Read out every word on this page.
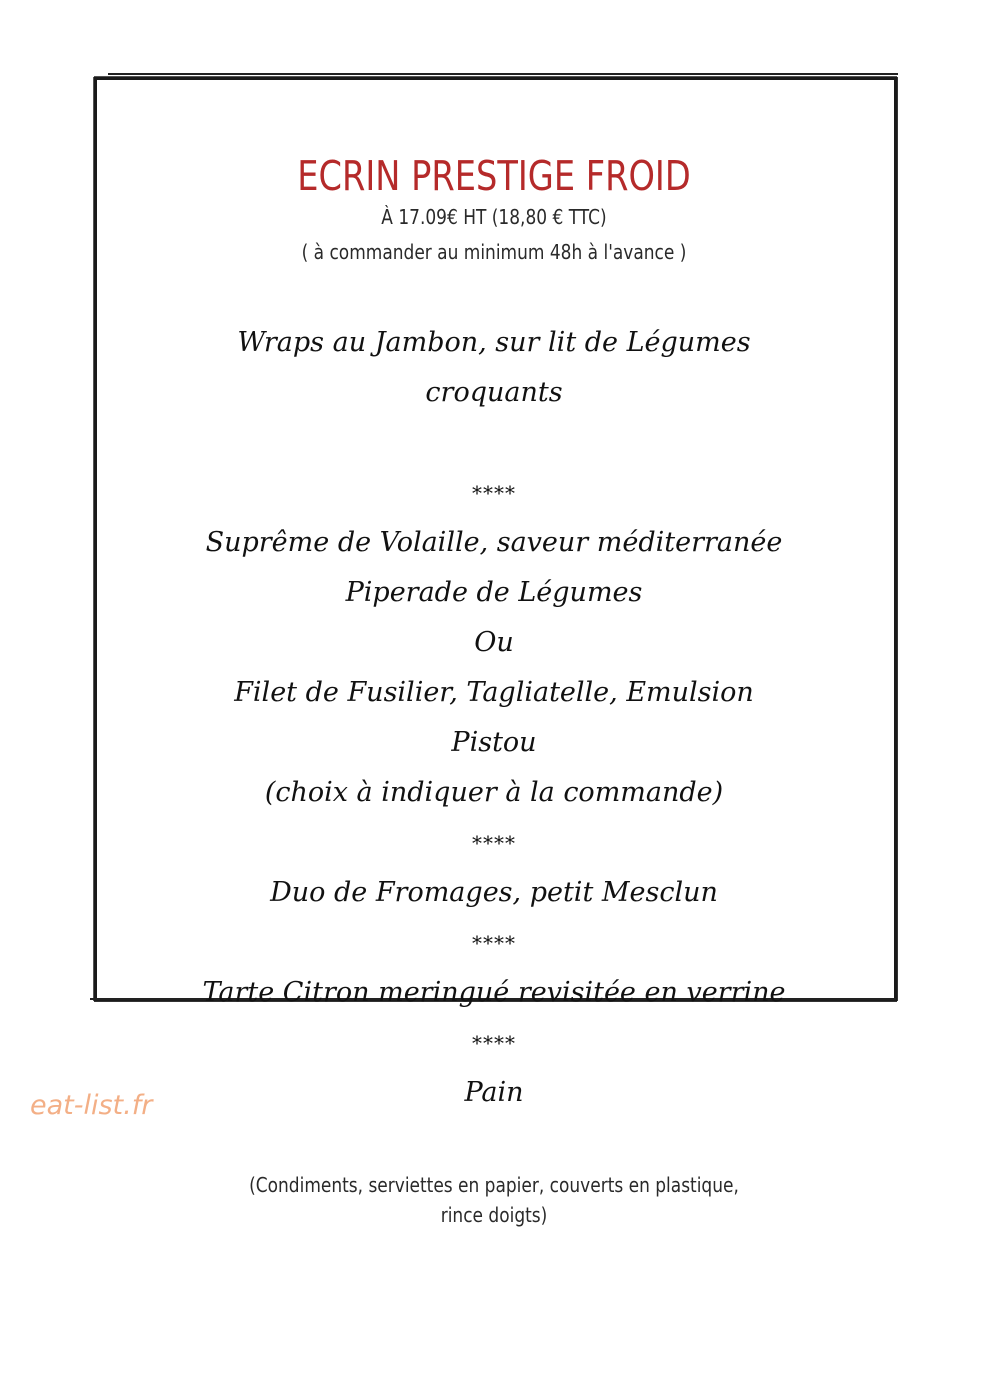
ECRIN PRESTIGE FROID
À 17.09€ HT (18,80 € TTC)
( à commander au minimum 48h à l'avance )
Wraps au Jambon, sur lit de Légumes
croquants
****
Suprême de Volaille, saveur méditerranée
Piperade de Légumes
Ou
Filet de Fusilier, Tagliatelle, Emulsion
Pistou
(choix à indiquer à la commande)
****
Duo de Fromages, petit Mesclun
****
Tarte Citron meringué revisitée en verrine
****
Pain
(Condiments, serviettes en papier, couverts en plastique,
rince doigts)
eat-list.fr
